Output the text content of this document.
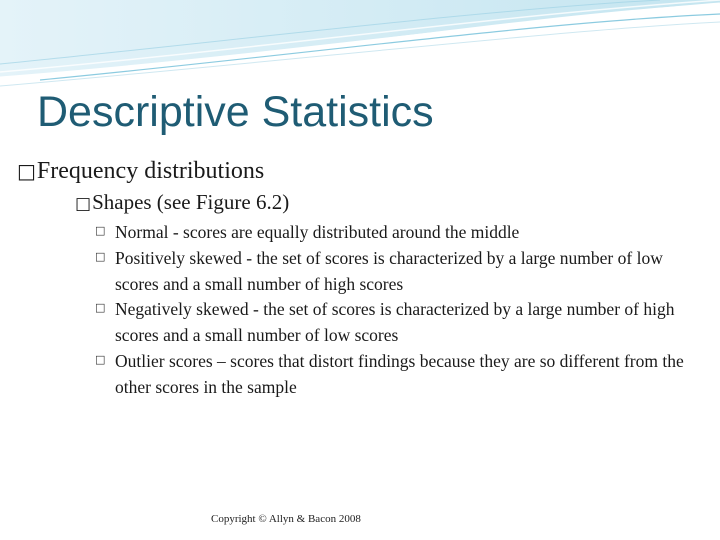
Descriptive Statistics
□Frequency distributions
□Shapes (see Figure 6.2)

□ Normal - scores are equally distributed around the middle

□ Positively skewed - the set of scores is characterized by a large number of low scores and a small number of high scores

□ Negatively skewed - the set of scores is characterized by a large number of high scores and a small number of low scores

□ Outlier scores – scores that distort findings because they are so different from the other scores in the sample

Copyright © Allyn & Bacon 2008
